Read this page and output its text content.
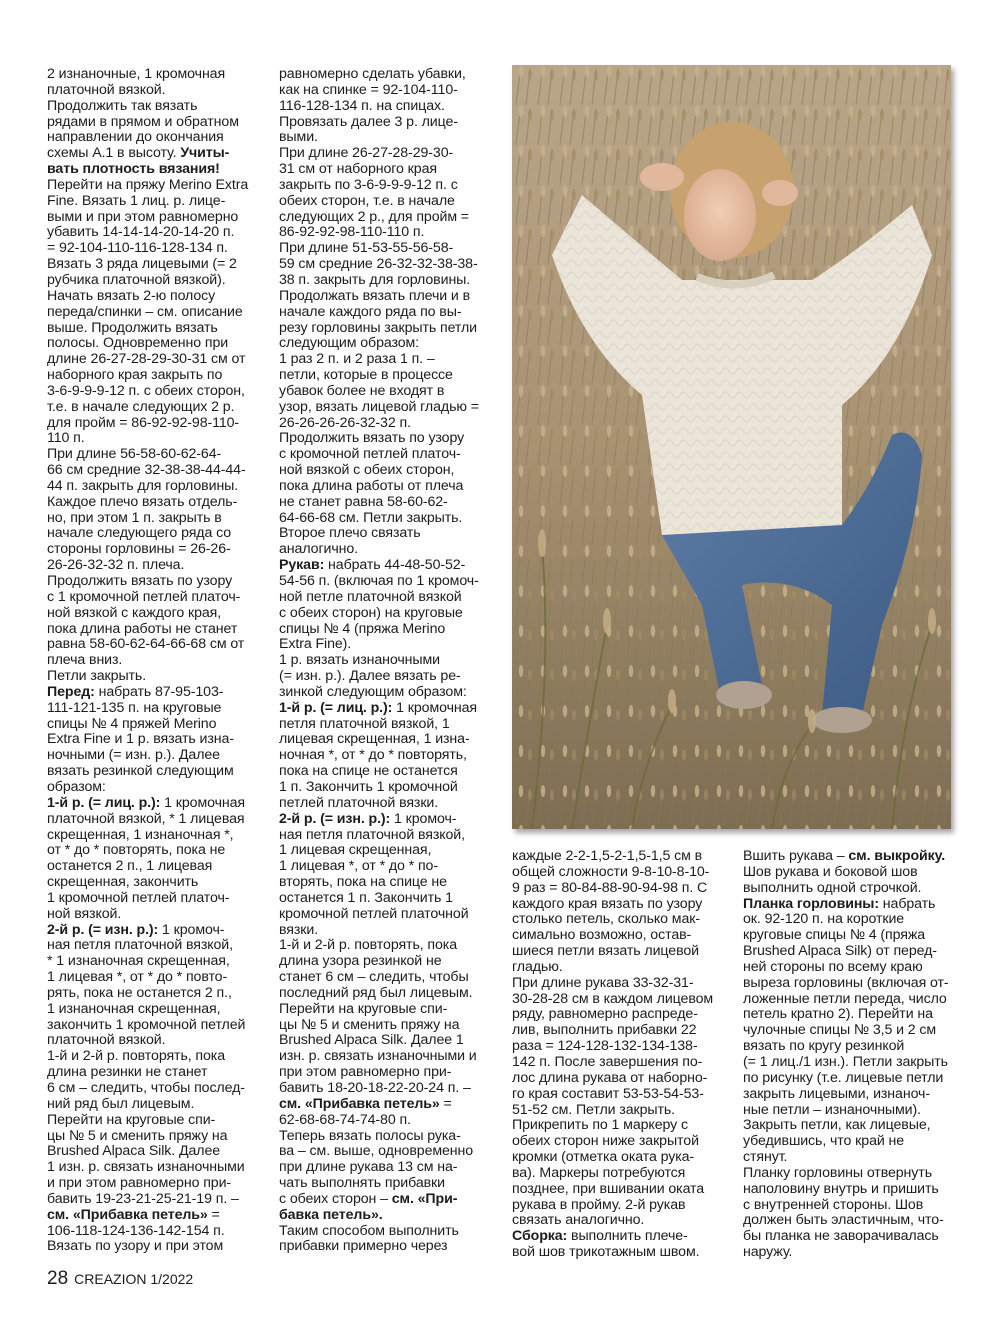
2 изнаночные, 1 кромочная
платочной вязкой.
Продолжить так вязать
рядами в прямом и обратном
направлении до окончания
схемы A.1 в высоту. Учиты-
вать плотность вязания!
Перейти на пряжу Merino Extra
Fine. Вязать 1 лиц. р. лице-
выми и при этом равномерно
убавить 14-14-14-20-14-20 п.
= 92-104-110-116-128-134 п.
Вязать 3 ряда лицевыми (= 2
рубчика платочной вязкой).
Начать вязать 2-ю полосу
переда/спинки – см. описание
выше. Продолжить вязать
полосы. Одновременно при
длине 26-27-28-29-30-31 см от
наборного края закрыть по
3-6-9-9-9-12 п. с обеих сторон,
т.е. в начале следующих 2 р.
для пройм = 86-92-92-98-110-
110 п.
При длине 56-58-60-62-64-
66 см средние 32-38-38-44-44-
44 п. закрыть для горловины.
Каждое плечо вязать отдель-
но, при этом 1 п. закрыть в
начале следующего ряда со
стороны горловины = 26-26-
26-26-32-32 п. плеча.
Продолжить вязать по узору
с 1 кромочной петлей платоч-
ной вязкой с каждого края,
пока длина работы не станет
равна 58-60-62-64-66-68 см от
плеча вниз.
Петли закрыть.
Перед: набрать 87-95-103-
111-121-135 п. на круговые
спицы № 4 пряжей Merino
Extra Fine и 1 р. вязать изна-
ночными (= изн. р.). Далее
вязать резинкой следующим
образом:
1-й р. (= лиц. р.): 1 кромочная
платочной вязкой, * 1 лицевая
скрещенная, 1 изнаночная *,
от * до * повторять, пока не
останется 2 п., 1 лицевая
скрещенная, закончить
1 кромочной петлей платоч-
ной вязкой.
2-й р. (= изн. р.): 1 кромоч-
ная петля платочной вязкой,
* 1 изнаночная скрещенная,
1 лицевая *, от * до * повто-
рять, пока не останется 2 п.,
1 изнаночная скрещенная,
закончить 1 кромочной петлей
платочной вязкой.
1-й и 2-й р. повторять, пока
длина резинки не станет
6 см – следить, чтобы послед-
ний ряд был лицевым.
Перейти на круговые спи-
цы № 5 и сменить пряжу на
Brushed Alpaca Silk. Далее
1 изн. р. связать изнаночными
и при этом равномерно при-
бавить 19-23-21-25-21-19 п. –
см. «Прибавка петель» =
106-118-124-136-142-154 п.
Вязать по узору и при этом
равномерно сделать убавки,
как на спинке = 92-104-110-
116-128-134 п. на спицах.
Провязать далее 3 р. лице-
выми.
При длине 26-27-28-29-30-
31 см от наборного края
закрыть по 3-6-9-9-9-12 п. с
обеих сторон, т.е. в начале
следующих 2 р., для пройм =
86-92-92-98-110-110 п.
При длине 51-53-55-56-58-
59 см средние 26-32-32-38-38-
38 п. закрыть для горловины.
Продолжать вязать плечи и в
начале каждого ряда по вы-
резу горловины закрыть петли
следующим образом:
1 раз 2 п. и 2 раза 1 п. –
петли, которые в процессе
убавок более не входят в
узор, вязать лицевой гладью =
26-26-26-26-32-32 п.
Продолжить вязать по узору
с кромочной петлей платоч-
ной вязкой с обеих сторон,
пока длина работы от плеча
не станет равна 58-60-62-
64-66-68 см. Петли закрыть.
Второе плечо связать
аналогично.
Рукав: набрать 44-48-50-52-
54-56 п. (включая по 1 кромоч-
ной петле платочной вязкой
с обеих сторон) на круговые
спицы № 4 (пряжа Merino
Extra Fine).
1 р. вязать изнаночными
(= изн. р.). Далее вязать ре-
зинкой следующим образом:
1-й р. (= лиц. р.): 1 кромочная
петля платочной вязкой, 1
лицевая скрещенная, 1 изна-
ночная *, от * до * повторять,
пока на спице не останется
1 п. Закончить 1 кромочной
петлей платочной вязки.
2-й р. (= изн. р.): 1 кромоч-
ная петля платочной вязкой,
1 лицевая скрещенная,
1 лицевая *, от * до * по-
вторять, пока на спице не
останется 1 п. Закончить 1
кромочной петлей платочной
вязки.
1-й и 2-й р. повторять, пока
длина узора резинкой не
станет 6 см – следить, чтобы
последний ряд был лицевым.
Перейти на круговые спи-
цы № 5 и сменить пряжу на
Brushed Alpaca Silk. Далее 1
изн. р. связать изнаночными и
при этом равномерно при-
бавить 18-20-18-22-20-24 п. –
см. «Прибавка петель» =
62-68-68-74-74-80 п.
Теперь вязать полосы рука-
ва – см. выше, одновременно
при длине рукава 13 см на-
чать выполнять прибавки
с обеих сторон – см. «При-
бавка петель».
Таким способом выполнить
прибавки примерно через
каждые 2-2-1,5-2-1,5-1,5 см в
общей сложности 9-8-10-8-10-
9 раз = 80-84-88-90-94-98 п. С
каждого края вязать по узору
столько петель, сколько мак-
симально возможно, остав-
шиеся петли вязать лицевой
гладью.
При длине рукава 33-32-31-
30-28-28 см в каждом лицевом
ряду, равномерно распреде-
лив, выполнить прибавки 22
раза = 124-128-132-134-138-
142 п. После завершения по-
лос длина рукава от наборно-
го края составит 53-53-54-53-
51-52 см. Петли закрыть.
Прикрепить по 1 маркеру с
обеих сторон ниже закрытой
кромки (отметка оката рука-
ва). Маркеры потребуются
позднее, при вшивании оката
рукава в пройму. 2-й рукав
связать аналогично.
Сборка: выполнить плече-
вой шов трикотажным швом.
Вшить рукава – см. выкройку.
Шов рукава и боковой шов
выполнить одной строчкой.
Планка горловины: набрать
ок. 92-120 п. на короткие
круговые спицы № 4 (пряжа
Brushed Alpaca Silk) от перед-
ней стороны по всему краю
выреза горловины (включая от-
ложенные петли переда, число
петель кратно 2). Перейти на
чулочные спицы № 3,5 и 2 см
вязать по кругу резинкой
(= 1 лиц./1 изн.). Петли закрыть
по рисунку (т.е. лицевые петли
закрыть лицевыми, изнаноч-
ные петли – изнаночными).
Закрыть петли, как лицевые,
убедившись, что край не
стянут.
Планку горловины отвернуть
наполовину внутрь и пришить
с внутренней стороны. Шов
должен быть эластичным, что-
бы планка не заворачивалась
наружу.
28 CREAZION 1/2022
